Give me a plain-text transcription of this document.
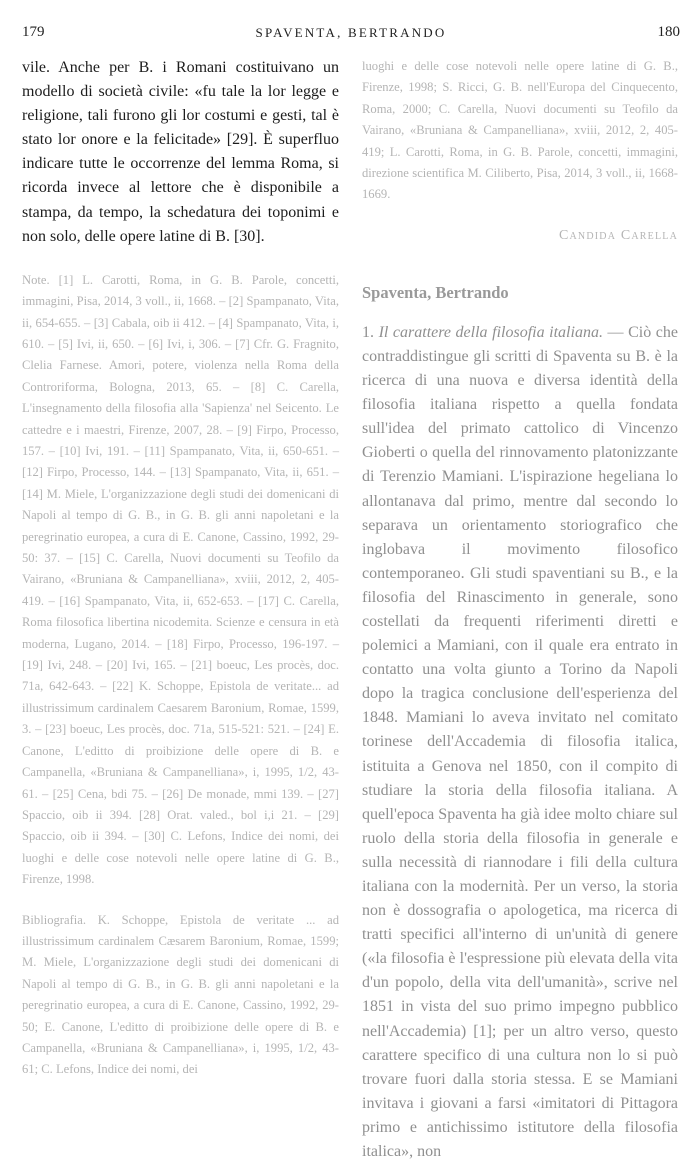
179	SPAVENTA, BERTRANDO	180

vile. Anche per B. i Romani costituivano un modello di società civile: «fu tale la lor legge e religione, tali furono gli lor costumi e gesti, tal è stato lor onore e la felicitade» [29]. È superfluo indicare tutte le occorrenze del lemma Roma, si ricorda invece al lettore che è disponibile a stampa, da tempo, la schedatura dei toponimi e non solo, delle opere latine di B. [30].

Note. [1] L. Carotti, Roma, in G. B. Parole, concetti, immagini, Pisa, 2014, 3 voll., ii, 1668. – [2] Spampanato, Vita, ii, 654-655. – [3] Cabala, oib ii 412. – [4] Spampanato, Vita, i, 610. – [5] Ivi, ii, 650. – [6] Ivi, i, 306. – [7] Cfr. G. Fragnito, Clelia Farnese. Amori, potere, violenza nella Roma della Controriforma, Bologna, 2013, 65. – [8] C. Carella, L'insegnamento della filosofia alla 'Sapienza' nel Seicento. Le cattedre e i maestri, Firenze, 2007, 28. – [9] Firpo, Processo, 157. – [10] Ivi, 191. – [11] Spampanato, Vita, ii, 650-651. – [12] Firpo, Processo, 144. – [13] Spampanato, Vita, ii, 651. – [14] M. Miele, L'organizzazione degli studi dei domenicani di Napoli al tempo di G. B., in G. B. gli anni napoletani e la peregrinatio europea, a cura di E. Canone, Cassino, 1992, 29-50: 37. – [15] C. Carella, Nuovi documenti su Teofilo da Vairano, «Bruniana & Campanelliana», xviii, 2012, 2, 405-419. – [16] Spampanato, Vita, ii, 652-653. – [17] C. Carella, Roma filosofica libertina nicodemita. Scienze e censura in età moderna, Lugano, 2014. – [18] Firpo, Processo, 196-197. – [19] Ivi, 248. – [20] Ivi, 165. – [21] boeuc, Les procès, doc. 71a, 642-643. – [22] K. Schoppe, Epistola de veritate... ad illustrissimum cardinalem Caesarem Baronium, Romae, 1599, 3. – [23] boeuc, Les procès, doc. 71a, 515-521: 521. – [24] E. Canone, L'editto di proibizione delle opere di B. e Campanella, «Bruniana & Campanelliana», i, 1995, 1/2, 43-61. – [25] Cena, bdi 75. – [26] De monade, mmi 139. – [27] Spaccio, oib ii 394. [28] Orat. valed., bol i,i 21. – [29] Spaccio, oib ii 394. – [30] C. Lefons, Indice dei nomi, dei luoghi e delle cose notevoli nelle opere latine di G. B., Firenze, 1998.

Bibliografia. K. Schoppe, Epistola de veritate ... ad illustrissimum cardinalem Cæsarem Baronium, Romae, 1599; M. Miele, L'organizzazione degli studi dei domenicani di Napoli al tempo di G. B., in G. B. gli anni napoletani e la peregrinatio europea, a cura di E. Canone, Cassino, 1992, 29-50; E. Canone, L'editto di proibizione delle opere di B. e Campanella, «Bruniana & Campanelliana», i, 1995, 1/2, 43-61; C. Lefons, Indice dei nomi, dei

luoghi e delle cose notevoli nelle opere latine di G. B., Firenze, 1998; S. Ricci, G. B. nell'Europa del Cinquecento, Roma, 2000; C. Carella, Nuovi documenti su Teofilo da Vairano, «Bruniana & Campanelliana», xviii, 2012, 2, 405-419; L. Carotti, Roma, in G. B. Parole, concetti, immagini, direzione scientifica M. Ciliberto, Pisa, 2014, 3 voll., ii, 1668-1669.

Candida Carella
Spaventa, Bertrando

1. Il carattere della filosofia italiana. — Ciò che contraddistingue gli scritti di Spaventa su B. è la ricerca di una nuova e diversa identità della filosofia italiana rispetto a quella fondata sull'idea del primato cattolico di Vincenzo Gioberti o quella del rinnovamento platonizzante di Terenzio Mamiani. L'ispirazione hegeliana lo allontanava dal primo, mentre dal secondo lo separava un orientamento storiografico che inglobava il movimento filosofico contemporaneo. Gli studi spaventiani su B., e la filosofia del Rinascimento in generale, sono costellati da frequenti riferimenti diretti e polemici a Mamiani, con il quale era entrato in contatto una volta giunto a Torino da Napoli dopo la tragica conclusione dell'esperienza del 1848. Mamiani lo aveva invitato nel comitato torinese dell'Accademia di filosofia italica, istituita a Genova nel 1850, con il compito di studiare la storia della filosofia italiana. A quell'epoca Spaventa ha già idee molto chiare sul ruolo della storia della filosofia in generale e sulla necessità di riannodare i fili della cultura italiana con la modernità. Per un verso, la storia non è dossografia o apologetica, ma ricerca di tratti specifici all'interno di un'unità di genere («la filosofia è l'espressione più elevata della vita d'un popolo, della vita dell'umanità», scrive nel 1851 in vista del suo primo impegno pubblico nell'Accademia) [1]; per un altro verso, questo carattere specifico di una cultura non lo si può trovare fuori dalla storia stessa. E se Mamiani invitava i giovani a farsi «imitatori di Pittagora primo e antichissimo istitutore della filosofia italica», non
